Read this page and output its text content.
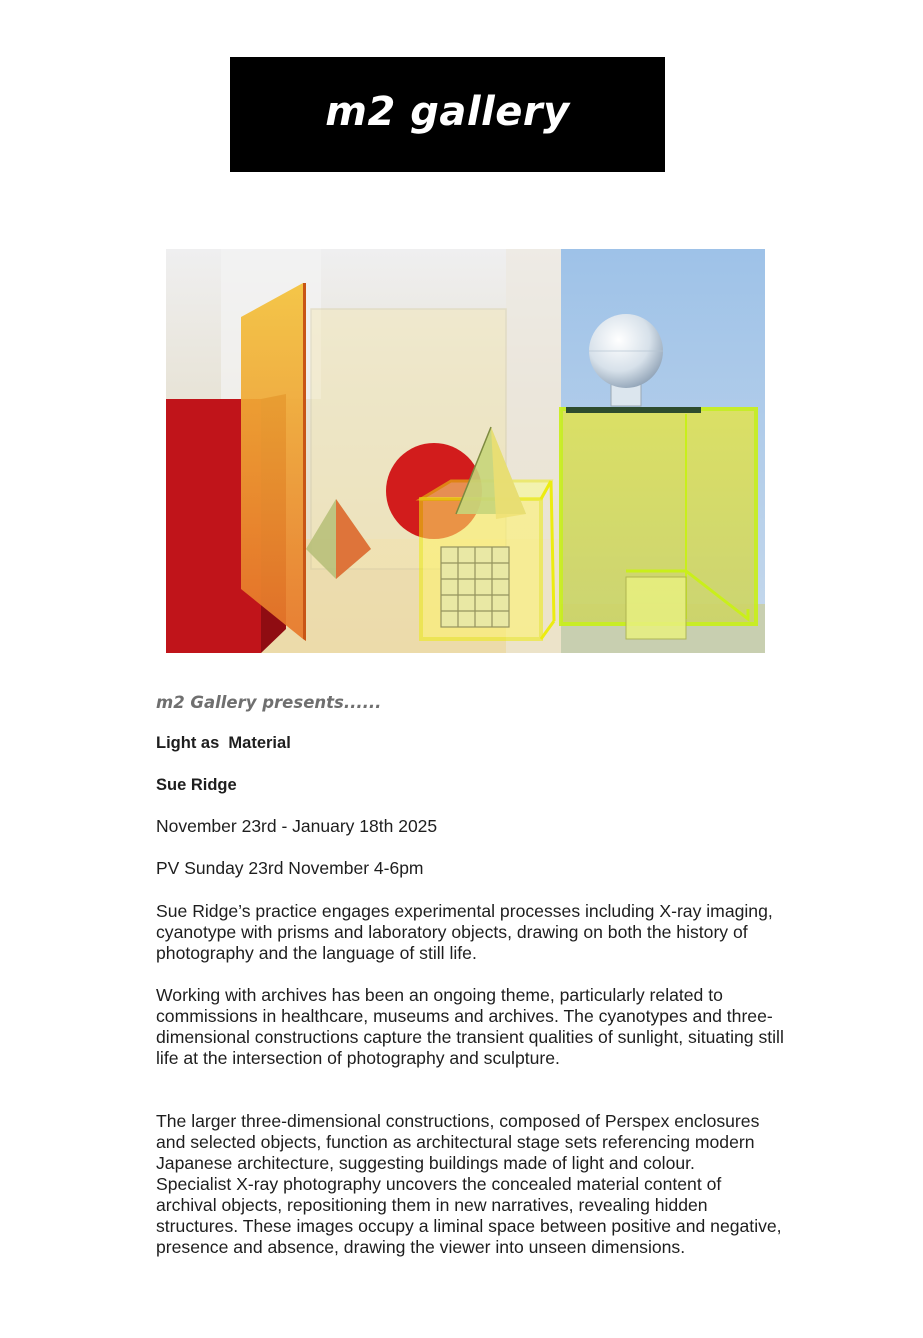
m2 gallery

m2 Gallery presents......

Light as  Material

Sue Ridge

November 23rd - January 18th 2025

PV Sunday 23rd November 4-6pm

Sue Ridge’s practice engages experimental processes including X-ray imaging, cyanotype with prisms and laboratory objects, drawing on both the history of photography and the language of still life.

Working with archives has been an ongoing theme, particularly related to commissions in healthcare, museums and archives. The cyanotypes and three-dimensional constructions capture the transient qualities of sunlight, situating still life at the intersection of photography and sculpture.

The larger three-dimensional constructions, composed of Perspex enclosures and selected objects, function as architectural stage sets referencing modern Japanese architecture, suggesting buildings made of light and colour.
Specialist X-ray photography uncovers the concealed material content of archival objects, repositioning them in new narratives, revealing hidden structures. These images occupy a liminal space between positive and negative, presence and absence, drawing the viewer into unseen dimensions.
